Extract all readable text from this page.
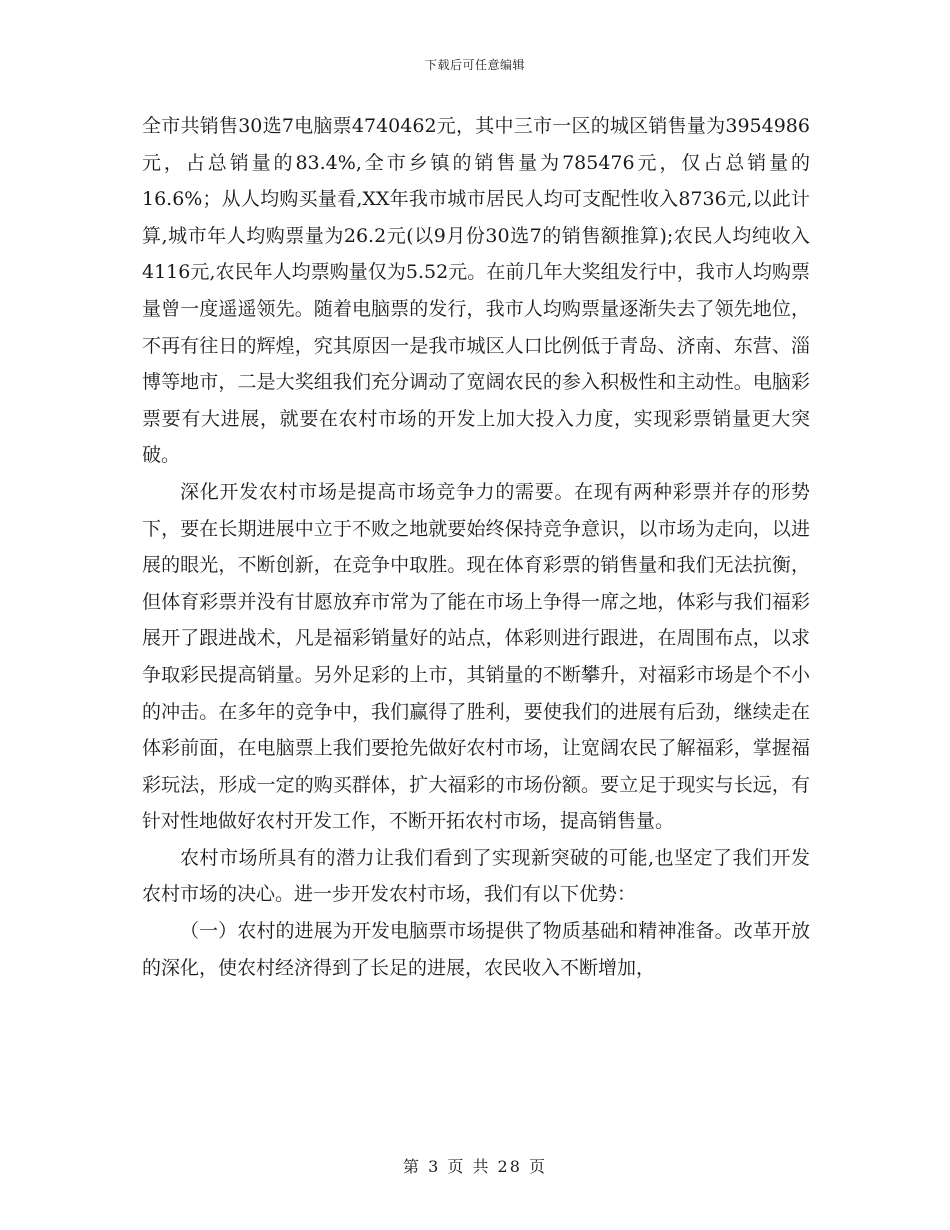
下载后可任意编辑

全市共销售30选7电脑票4740462元，其中三市一区的城区销售量为3954986元，占总销量的83.4%,全市乡镇的销售量为785476元，仅占总销量的16.6%；从人均购买量看,XX年我市城市居民人均可支配性收入8736元,以此计算,城市年人均购票量为26.2元(以9月份30选7的销售额推算);农民人均纯收入4116元,农民年人均票购量仅为5.52元。在前几年大奖组发行中，我市人均购票量曾一度遥遥领先。随着电脑票的发行，我市人均购票量逐渐失去了领先地位，不再有往日的辉煌，究其原因一是我市城区人口比例低于青岛、济南、东营、淄博等地市，二是大奖组我们充分调动了宽阔农民的参入积极性和主动性。电脑彩票要有大进展，就要在农村市场的开发上加大投入力度，实现彩票销量更大突破。

深化开发农村市场是提高市场竞争力的需要。在现有两种彩票并存的形势下，要在长期进展中立于不败之地就要始终保持竞争意识，以市场为走向，以进展的眼光，不断创新，在竞争中取胜。现在体育彩票的销售量和我们无法抗衡，但体育彩票并没有甘愿放弃市常为了能在市场上争得一席之地，体彩与我们福彩展开了跟进战术，凡是福彩销量好的站点，体彩则进行跟进，在周围布点，以求争取彩民提高销量。另外足彩的上市，其销量的不断攀升，对福彩市场是个不小的冲击。在多年的竞争中，我们赢得了胜利，要使我们的进展有后劲，继续走在体彩前面，在电脑票上我们要抢先做好农村市场，让宽阔农民了解福彩，掌握福彩玩法，形成一定的购买群体，扩大福彩的市场份额。要立足于现实与长远，有针对性地做好农村开发工作，不断开拓农村市场，提高销售量。

农村市场所具有的潜力让我们看到了实现新突破的可能,也坚定了我们开发农村市场的决心。进一步开发农村市场，我们有以下优势：

（一）农村的进展为开发电脑票市场提供了物质基础和精神准备。改革开放的深化，使农村经济得到了长足的进展，农民收入不断增加，

第 3 页 共 28 页
